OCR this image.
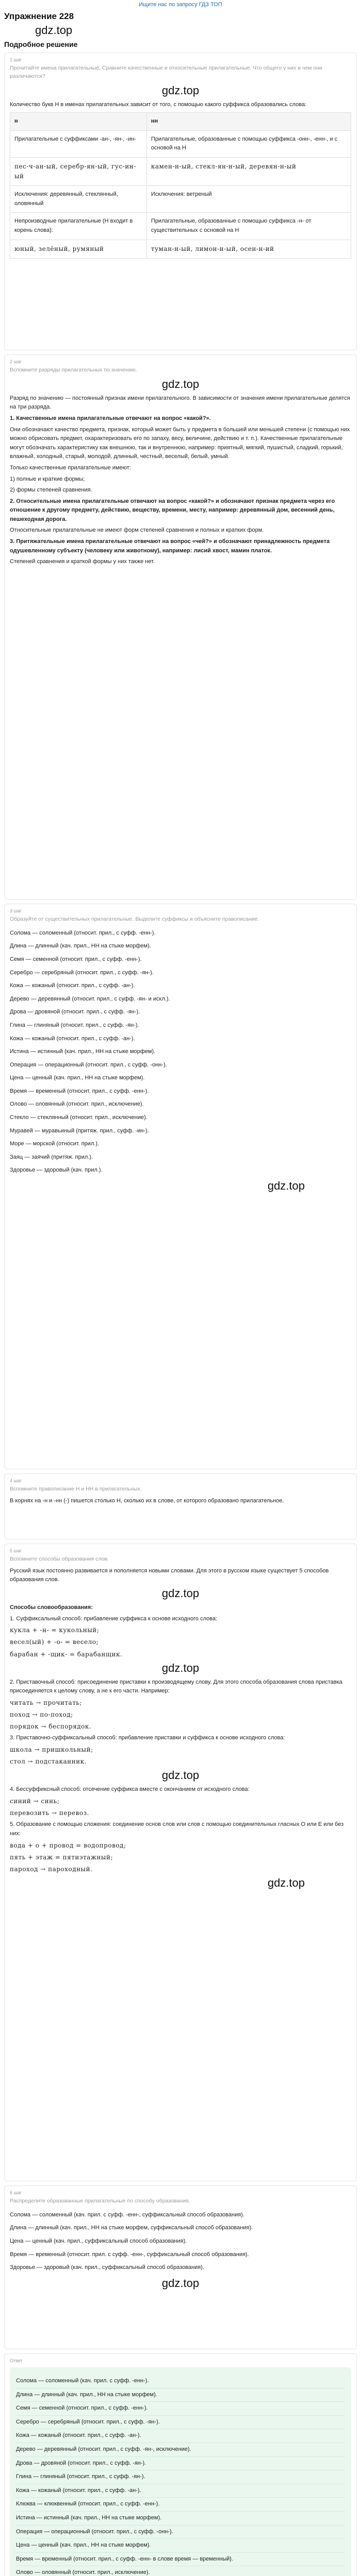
Ищите нас по запросу ГДЗ ТОП
Упражнение 228
gdz.top
Подробное решение
1 шаг
Прочитайте имена прилагательные. Сравните качественные и относительные прилагательные. Что общего у них и чем они различаются?
gdz.top

Количество букв Н в именах прилагательных зависит от того, с помощью какого суффикса образовались слова:

н	нн
Прилагательные с суффиксами -ан-, -ян-, -ин-	Прилагательные, образованные с помощью суффикса -онн-, -енн-, и с основой на Н
пес-ч-ан-ый, серебр-ян-ый, гус-ин-ый	камен-н-ый, стекл-ян-н-ый, деревян-н-ый
Исключения: деревянный, стеклянный, оловянный	Исключения: ветреный
Непроизводные прилагательные (Н входит в корень слова):	Прилагательные, образованные с помощью суффикса -н- от существительных с основой на Н
юный, зелёный, румяный	туман-н-ый, лимон-н-ый, осен-н-ий
2 шаг
Вспомните разряды прилагательных по значению.
gdz.top

Разряд по значению — постоянный признак имени прилагательного. В зависимости от значения имени прилагательные делятся на три разряда.

1. Качественные имена прилагательные отвечают на вопрос «какой?».

Они обозначают качество предмета, признак, который может быть у предмета в большей или меньшей степени (с помощью них можно обрисовать предмет, охарактеризовать его по запаху, весу, величине, действию и т. п.). Качественные прилагательные могут обозначать характеристику как внешнюю, так и внутреннюю, например: приятный, мягкий, пушистый, сладкий, горький, влажный, холодный, старый, молодой, длинный, честный, веселый, белый, умный.

Только качественные прилагательные имеют:

1) полные и краткие формы;

2) формы степеней сравнения.

2. Относительные имена прилагательные отвечают на вопрос «какой?» и обозначают признак предмета через его отношение к другому предмету, действию, веществу, времени, месту, например: деревянный дом, весенний день, пешеходная дорога.

Относительные прилагательные не имеют форм степеней сравнения и полных и кратких форм.

3. Притяжательные имена прилагательные отвечают на вопрос «чей?» и обозначают принадлежность предмета одушевленному субъекту (человеку или животному), например: лисий хвост, мамин платок.

Степеней сравнения и краткой формы у них также нет.

3 шаг
Образуйте от существительных прилагательные. Выделите суффиксы и объясните правописание.
Солома — соломенный (относит. прил., с суфф. -енн-).
Длина — длинный (кач. прил., НН на стыке морфем).
Семя — семенной (относит. прил., с суфф. -енн-).
Серебро — серебряный (относит. прил., с суфф. -ян-).
Кожа — кожаный (относит. прил., с суфф. -ан-).
Дерево — деревянный (относит. прил., с суфф. -ян- и искл.).
Дрова — дровяной (относит. прил., с суфф. -ян-).
Глина — глиняный (относит. прил., с суфф. -ян-).
Кожа — кожаный (относит. прил., с суфф. -ан-).
Истина — истинный (кач. прил., НН на стыке морфем).
Операция — операционный (относит. прил., с суфф. -онн-).
Цена — ценный (кач. прил., НН на стыке морфем).
Время — временный (относит. прил., с суфф. -енн-).
Олово — оловянный (относит. прил., исключение).
Стекло — стеклянный (относит. прил., исключение).
Муравей — муравьиный (притяж. прил., суфф. -ин-).
Море — морской (относит. прил.).
Заяц — заячий (притяж. прил.).
Здоровье — здоровый (кач. прил.).
gdz.top
4 шаг
Вспомните правописание Н и НН в прилагательных.

В корнях на -н и -нн (-) пишется столько Н, сколько их в слове, от которого образовано прилагательное.

5 шаг
Вспомните способы образования слов.

Русский язык постоянно развивается и пополняется новыми словами. Для этого в русском языке существует 5 способов образования слов.

gdz.top

Способы словообразования:

1. Суффиксальный способ: прибавление суффикса к основе исходного слова:

кукла + -н- = кукольный;

весел(ый) + -о- = весело;

барабан + -щик- = барабанщик.

gdz.top

2. Приставочный способ: присоединение приставки к производящему слову. Для этого способа образования слова приставка присоединяется к целому слову, а не к его части. Например:

читать → прочитать;

поход → по-поход;

порядок → беспорядок.

3. Приставочно-суффиксальный способ: прибавление приставки и суффикса к основе исходного слова:

школа → пришкольный;

стол → подстаканник.

gdz.top

4. Бессуффиксный способ: отсечение суффикса вместе с окончанием от исходного слова:

синий → синь;

перевозить → перевоз.

5. Образование с помощью сложения: соединение основ слов или слов с помощью соединительных гласных О или Е или без них:

вода + о + провод = водопровод;

пять + этаж = пятиэтажный;

пароход → пароходный.

gdz.top
6 шаг
Распределите образованные прилагательные по способу образования.
Солома — соломенный (кач. прил. с суфф. -енн-, суффиксальный способ образования).
Длина — длинный (кач. прил., НН на стыке морфем, суффиксальный способ образования).
Цена — ценный (кач. прил., суффиксальный способ образования).
Время — временный (относит. прил. с суфф. -енн-, суффиксальный способ образования).
Здоровье — здоровый (кач. прил., суффиксальный способ образования).
gdz.top
Ответ
Солома — соломенный (кач. прил. с суфф. -енн-).
Длина — длинный (кач. прил., НН на стыке морфем).
Семя — семенной (относит. прил., с суфф. -енн-).
Серебро — серебряный (относит. прил., с суфф. -ян-).
Кожа — кожаный (относит. прил., с суфф. -ан-).
Дерево — деревянный (относит. прил., с суфф. -ян-, исключение).
Дрова — дровяной (относит. прил., с суфф. -ян-).
Глина — глиняный (относит. прил., с суфф. -ян-).
Кожа — кожаный (относит. прил., с суфф. -ан-).
Клюква — клюквенный (относит. прил., с суфф. -енн-).
Истина — истинный (кач. прил., НН на стыке морфем).
Операция — операционный (относит. прил., с суфф. -онн-).
Цена — ценный (кач. прил., НН на стыке морфем).
Время — временный (относит. прил., с суфф. -енн- в слове время — временный).
Олово — оловянный (относит. прил., исключение).
